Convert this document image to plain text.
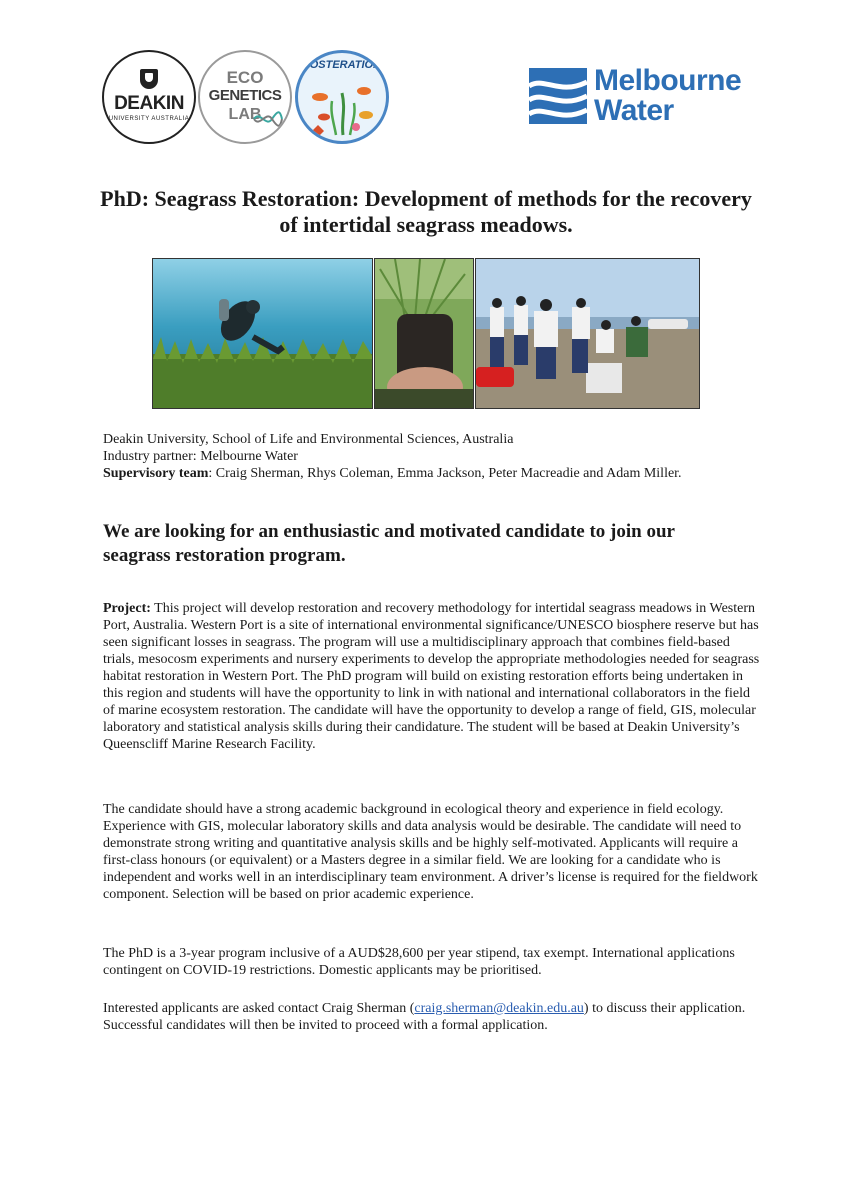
DEAKIN
UNIVERSITY AUSTRALIA
ECO
GENETICS
LAB
ZOSTERATION	Melbourne
Water
PhD: Seagrass Restoration: Development of methods for the recovery of intertidal seagrass meadows.
Deakin University, School of Life and Environmental Sciences, Australia
Industry partner: Melbourne Water
Supervisory team: Craig Sherman, Rhys Coleman, Emma Jackson, Peter Macreadie and Adam Miller.
We are looking for an enthusiastic and motivated candidate to join our seagrass restoration program.

Project: This project will develop restoration and recovery methodology for intertidal seagrass meadows in Western Port, Australia. Western Port is a site of international environmental significance/UNESCO biosphere reserve but has seen significant losses in seagrass. The program will use a multidisciplinary approach that combines field-based trials, mesocosm experiments and nursery experiments to develop the appropriate methodologies needed for seagrass habitat restoration in Western Port. The PhD program will build on existing restoration efforts being undertaken in this region and students will have the opportunity to link in with national and international collaborators in the field of marine ecosystem restoration. The candidate will have the opportunity to develop a range of field, GIS, molecular laboratory and statistical analysis skills during their candidature. The student will be based at Deakin University’s Queenscliff Marine Research Facility.

The candidate should have a strong academic background in ecological theory and experience in field ecology. Experience with GIS, molecular laboratory skills and data analysis would be desirable. The candidate will need to demonstrate strong writing and quantitative analysis skills and be highly self-motivated. Applicants will require a first-class honours (or equivalent) or a Masters degree in a similar field. We are looking for a candidate who is independent and works well in an interdisciplinary team environment. A driver’s license is required for the fieldwork component. Selection will be based on prior academic experience.

The PhD is a 3-year program inclusive of a AUD$28,600 per year stipend, tax exempt. International applications contingent on COVID-19 restrictions. Domestic applicants may be prioritised.

Interested applicants are asked contact Craig Sherman (craig.sherman@deakin.edu.au) to discuss their application. Successful candidates will then be invited to proceed with a formal application.
